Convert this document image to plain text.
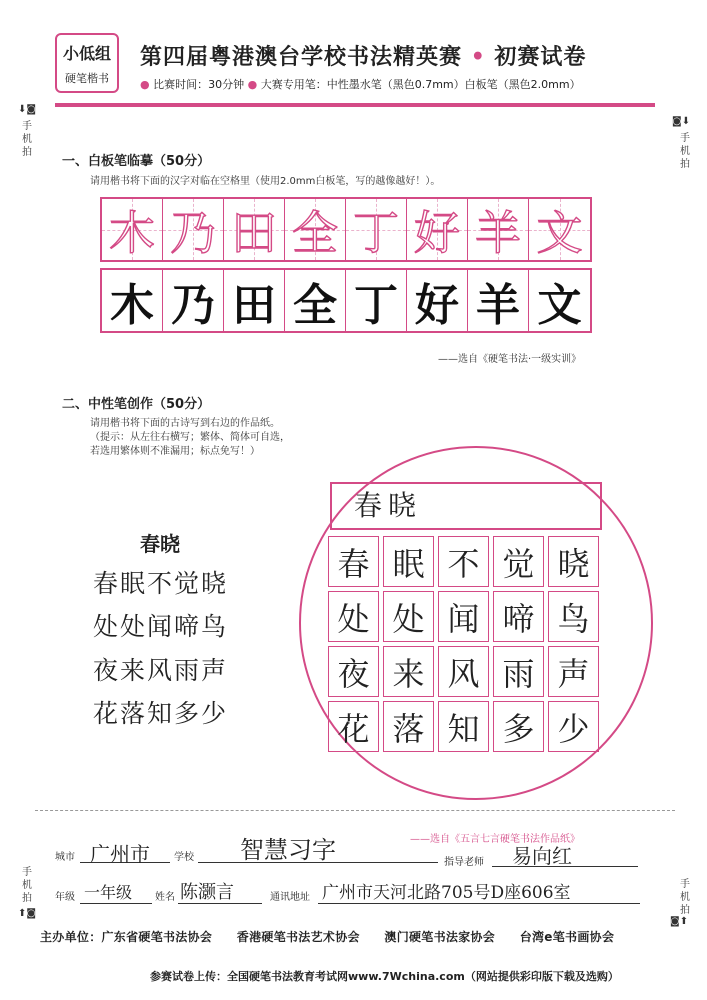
小低组
硬笔楷书
第四届粤港澳台学校书法精英赛 • 初赛试卷
● 比赛时间：30分钟 ● 大赛专用笔：中性墨水笔（黑色0.7mm）白板笔（黑色2.0mm）
⬇◙
手机拍
◙⬇
手机拍
手机拍
⬆◙
手机拍
◙⬆
一、白板笔临摹（50分）
请用楷书将下面的汉字对临在空格里（使用2.0mm白板笔，写的越像越好！）。
木 乃 田 全 丁 好 羊 文
木 乃 田 全 丁 好 羊 文
——选自《硬笔书法·一级实训》
二、中性笔创作（50分）
请用楷书将下面的古诗写到右边的作品纸。
（提示：从左往右横写；繁体、简体可自选，
若选用繁体则不准漏用；标点免写！）
春晓
春眠不觉晓
处处闻啼鸟
夜来风雨声
花落知多少
春晓
春 眠 不 觉 晓
处 处 闻 啼 鸟
夜 来 风 雨 声
花 落 知 多 少
——选自《五言七言硬笔书法作品纸》
城市 广州市 学校 智慧习字	指导老师 易向红
年级 一年级 姓名 陈灏言	通讯地址 广州市天河北路705号D座606室
主办单位：广东省硬笔书法协会　　香港硬笔书法艺术协会　　澳门硬笔书法家协会　　台湾e笔书画协会
参赛试卷上传：全国硬笔书法教育考试网www.7Wchina.com（网站提供彩印版下载及选购）
